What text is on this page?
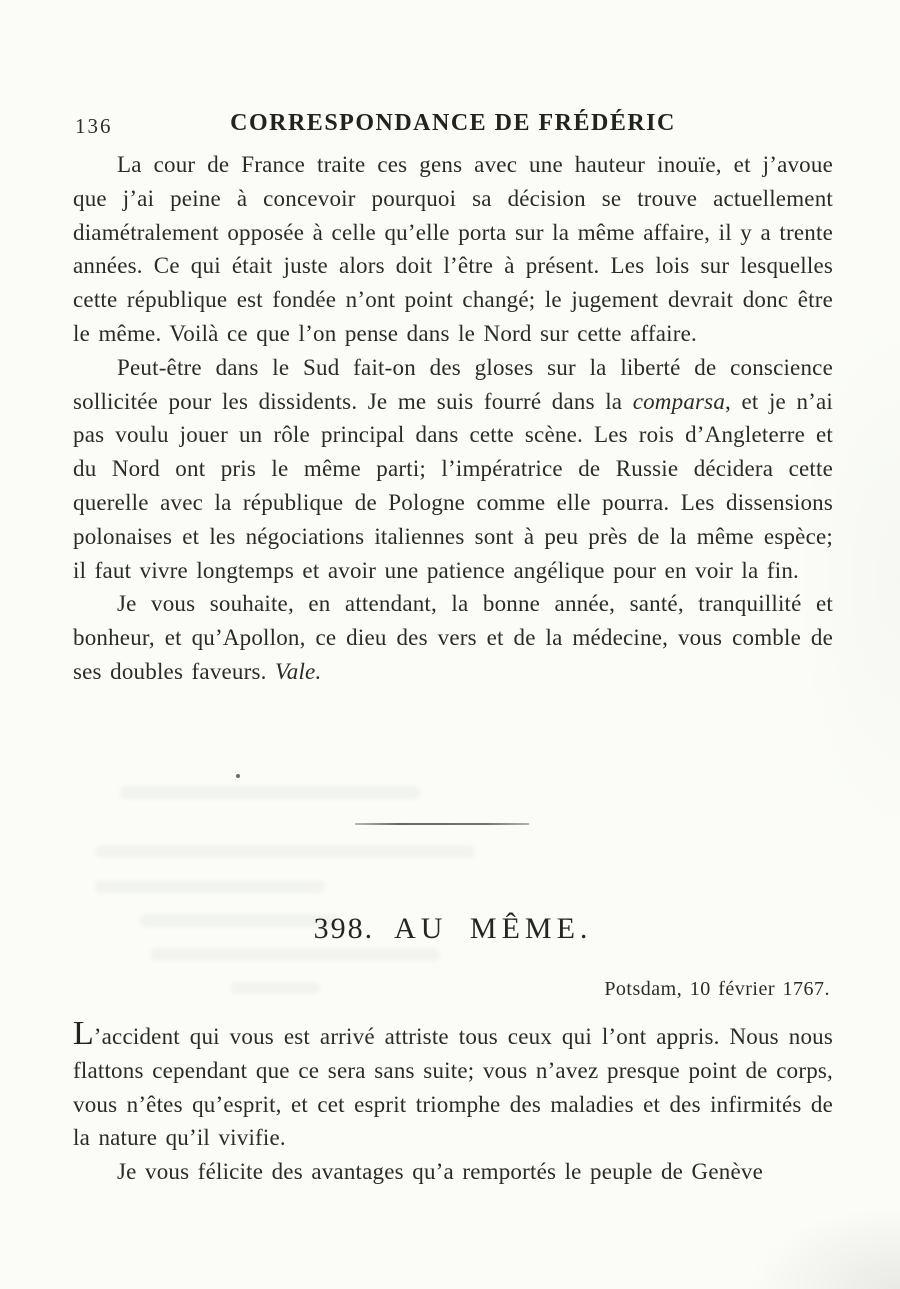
136	CORRESPONDANCE DE FRÉDÉRIC

La cour de France traite ces gens avec une hauteur inouïe, et j’avoue que j’ai peine à concevoir pourquoi sa décision se trouve actuellement diamétralement opposée à celle qu’elle porta sur la même affaire, il y a trente années. Ce qui était juste alors doit l’être à présent. Les lois sur lesquelles cette république est fondée n’ont point changé; le jugement devrait donc être le même. Voilà ce que l’on pense dans le Nord sur cette affaire.

Peut-être dans le Sud fait-on des gloses sur la liberté de conscience sollicitée pour les dissidents. Je me suis fourré dans la comparsa, et je n’ai pas voulu jouer un rôle principal dans cette scène. Les rois d’Angleterre et du Nord ont pris le même parti; l’impératrice de Russie décidera cette querelle avec la république de Pologne comme elle pourra. Les dissensions polonaises et les négociations italiennes sont à peu près de la même espèce; il faut vivre longtemps et avoir une patience angélique pour en voir la fin.

Je vous souhaite, en attendant, la bonne année, santé, tranquillité et bonheur, et qu’Apollon, ce dieu des vers et de la médecine, vous comble de ses doubles faveurs. Vale.

398. AU MÊME.
Potsdam, 10 février 1767.

L’accident qui vous est arrivé attriste tous ceux qui l’ont appris. Nous nous flattons cependant que ce sera sans suite; vous n’avez presque point de corps, vous n’êtes qu’esprit, et cet esprit triomphe des maladies et des infirmités de la nature qu’il vivifie.

Je vous félicite des avantages qu’a remportés le peuple de Genève
